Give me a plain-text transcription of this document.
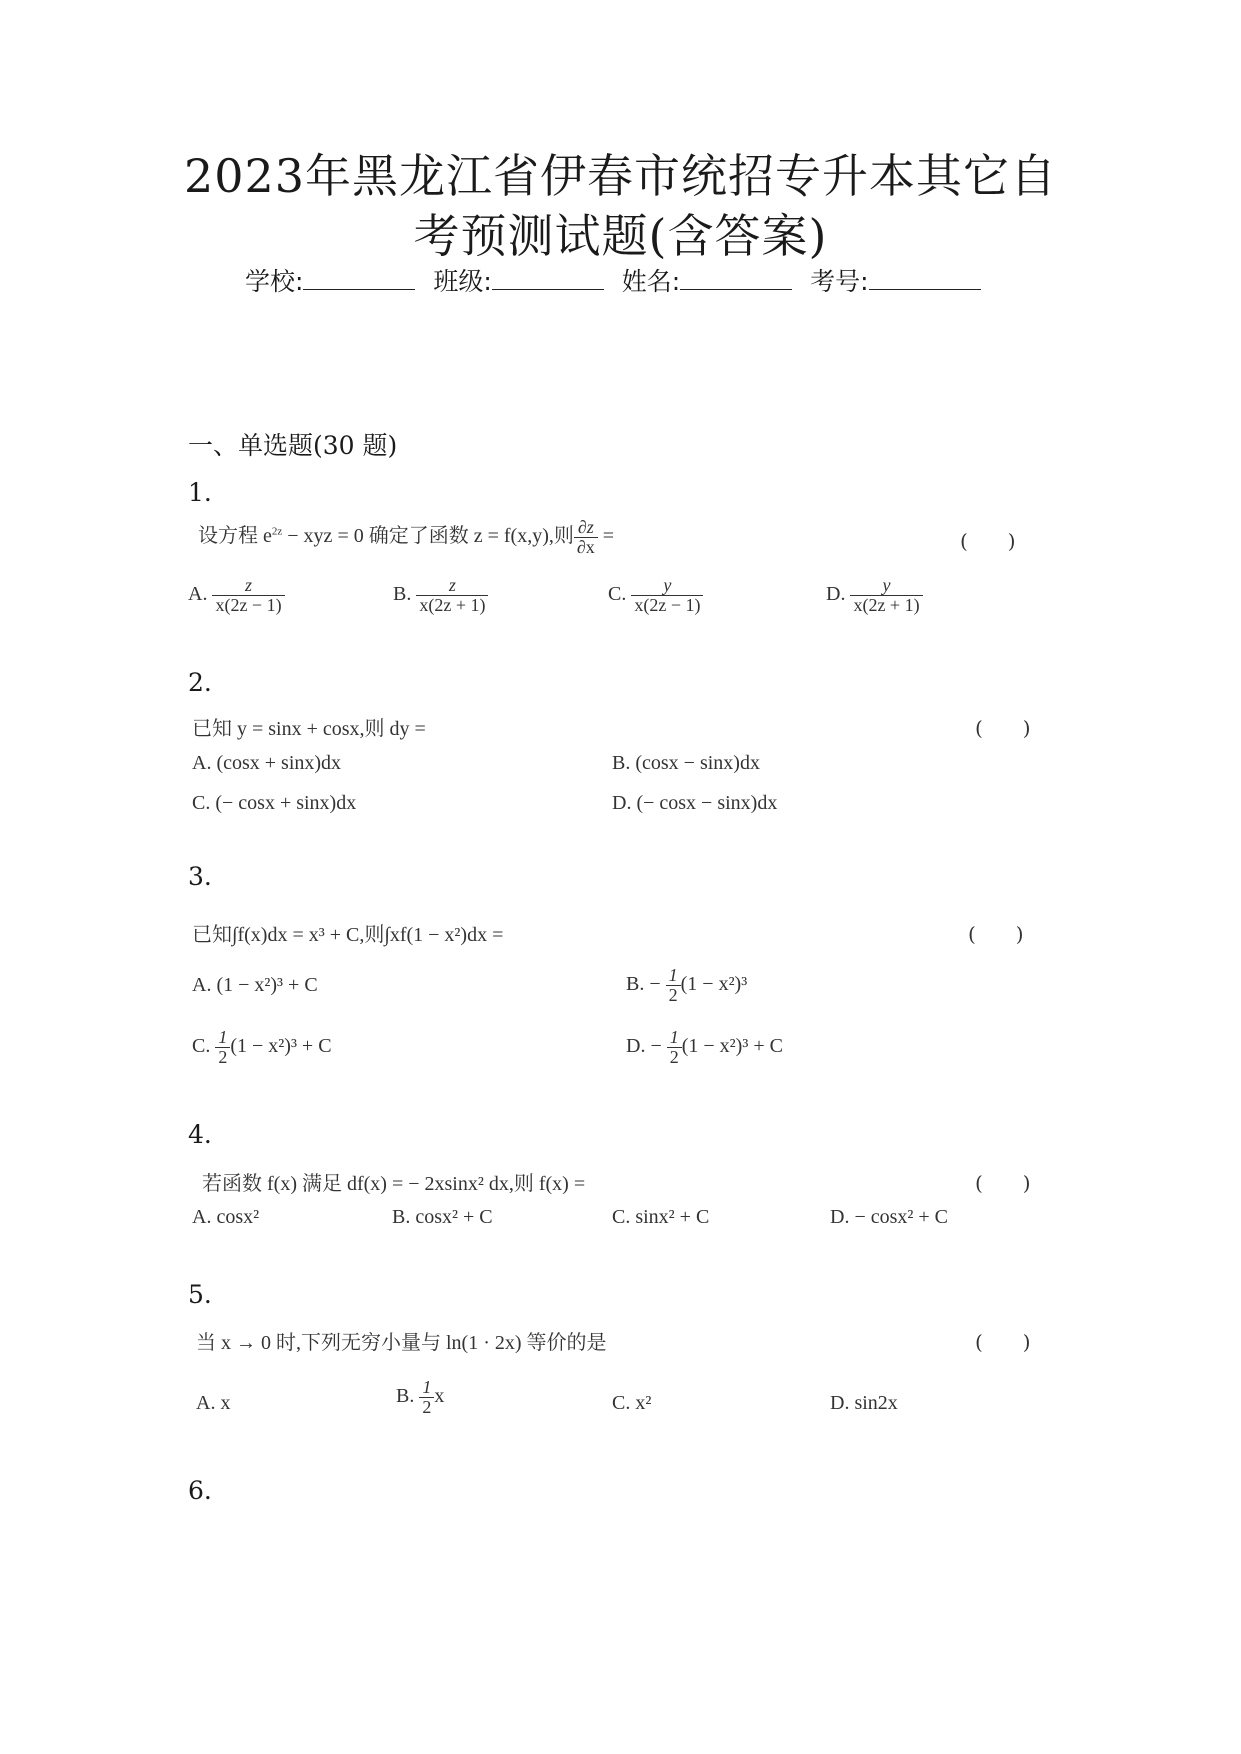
2023年黑龙江省伊春市统招专升本其它自
考预测试题(含答案)
学校:	班级:	姓名:	考号:
一、单选题(30 题)
1.
设方程 $e^{2z}$ − xyz = 0 确定了函数 z = f(x,y),则 $\frac{\partial z}{\partial x}$ =	(　　)
A. $\frac{z}{x(2z - 1)}$	B. $\frac{z}{x(2z + 1)}$	C. $\frac{y}{x(2z - 1)}$	D. $\frac{y}{x(2z + 1)}$
2.
已知 y = sinx + cosx,则 dy =	(　　)
A. (cosx + sinx)dx	B. (cosx − sinx)dx
C. (− cosx + sinx)dx	D. (− cosx − sinx)dx
3.
已知∫f(x)dx = x³ + C,则∫xf(1 − x²)dx =	(　　)
A. (1 − x²)³ + C	B. − $\frac{1}{2} (1 - x^2)^3$
C. $\frac{1}{2} (1 - x^2)^3 + C$	D. − $\frac{1}{2} (1 - x^2)^3 + C$
4.
若函数 f(x) 满足 df(x) = − 2xsinx² dx,则 f(x) =	(　　)
A. cosx²	B. cosx² + C	C. sinx² + C	D. − cosx² + C
5.
当 x → 0 时,下列无穷小量与 ln(1 · 2x) 等价的是	(　　)
A. x	B. $\frac{1}{2}$ x	C. x²	D. sin2x
6.
